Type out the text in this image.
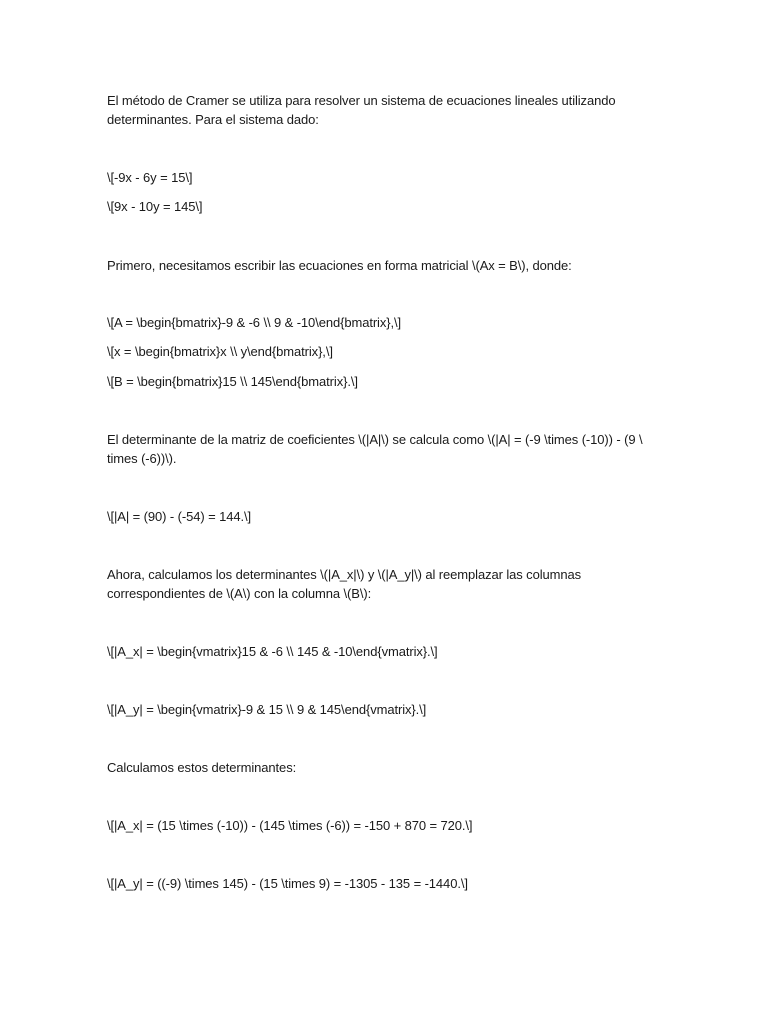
El método de Cramer se utiliza para resolver un sistema de ecuaciones lineales utilizando
determinantes. Para el sistema dado:
\[-9x - 6y = 15\]
\[9x - 10y = 145\]
Primero, necesitamos escribir las ecuaciones en forma matricial \(Ax = B\), donde:
\[A = \begin{bmatrix}-9 & -6 \\ 9 & -10\end{bmatrix},\]
\[x = \begin{bmatrix}x \\ y\end{bmatrix},\]
\[B = \begin{bmatrix}15 \\ 145\end{bmatrix}.\]
El determinante de la matriz de coeficientes \(|A|\) se calcula como \(|A| = (-9 \times (-10)) - (9 \
times (-6))\).
\[|A| = (90) - (-54) = 144.\]
Ahora, calculamos los determinantes \(|A_x|\) y \(|A_y|\) al reemplazar las columnas
correspondientes de \(A\) con la columna \(B\):
\[|A_x| = \begin{vmatrix}15 & -6 \\ 145 & -10\end{vmatrix}.\]
\[|A_y| = \begin{vmatrix}-9 & 15 \\ 9 & 145\end{vmatrix}.\]
Calculamos estos determinantes:
\[|A_x| = (15 \times (-10)) - (145 \times (-6)) = -150 + 870 = 720.\]
\[|A_y| = ((-9) \times 145) - (15 \times 9) = -1305 - 135 = -1440.\]
